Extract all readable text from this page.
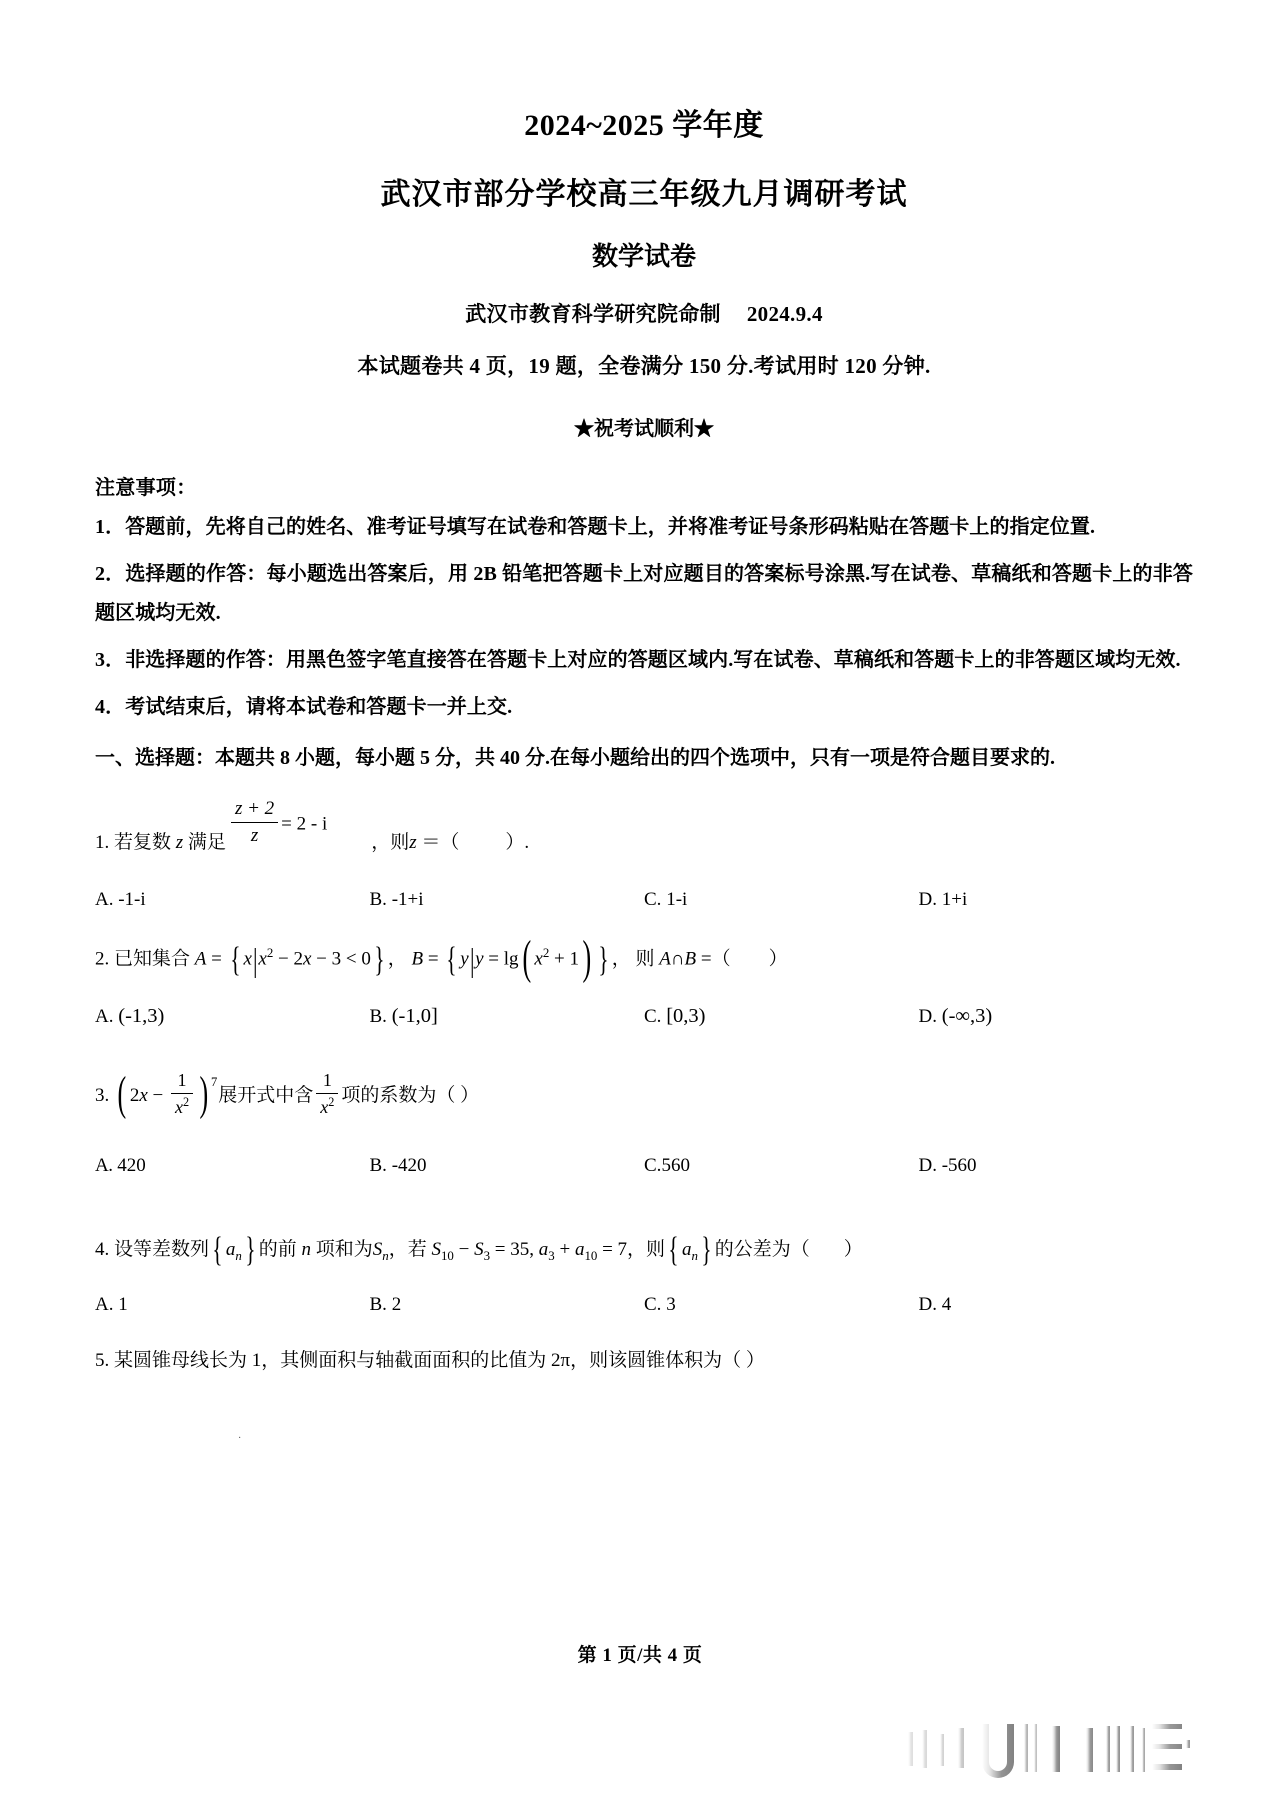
2024~2025 学年度
武汉市部分学校高三年级九月调研考试
数学试卷
武汉市教育科学研究院命制 2024.9.4
本试题卷共 4 页，19 题，全卷满分 150 分.考试用时 120 分钟.
★祝考试顺利★
注意事项：
1．答题前，先将自己的姓名、准考证号填写在试卷和答题卡上，并将准考证号条形码粘贴在答题卡上的指定位置.
2．选择题的作答：每小题选出答案后，用 2B 铅笔把答题卡上对应题目的答案标号涂黑.写在试卷、草稿纸和答题卡上的非答题区城均无效.
3．非选择题的作答：用黑色签字笔直接答在答题卡上对应的答题区域内.写在试卷、草稿纸和答题卡上的非答题区域均无效.
4．考试结束后，请将本试卷和答题卡一并上交.
一、选择题：本题共 8 小题，每小题 5 分，共 40 分.在每小题给出的四个选项中，只有一项是符合题目要求的.
1.
若复数
z
满足 $\frac{z + 2}{z} = 2 - i$
，则 z
＝（ ）.
A. -1-i	B. -1+i	C. 1-i	D. 1+i
2. 已知集合 A = { $x|x^2 - 2x - 3 < 0$} ， B = { y|y = lg( $x^2 + 1$) } ， 则 A∩B =（ ）
A. (-1,3)	B. (-1,0]	C. [0,3)	D. (-∞,3)
3. ( $2x - \frac{1}{x^2}$ ) $^7$展开式中含 $\frac{1}{x^2}$ 项的系数为（ ）
A. 420	B. -420	C.560	D. -560
·
4. 设等差数列{ $a_n$} 的前 n 项和为$S_n$，若 $S_{10} - S_3 = 35$, $a_3 + a_{10} = 7$，则{ $a_n$} 的公差为（ ）
A. 1	B. 2	C. 3	D. 4
5. 某圆锥母线长为 1，其侧面积与轴截面面积的比值为 2π，则该圆锥体积为（ ）
第 1 页/共 4 页
